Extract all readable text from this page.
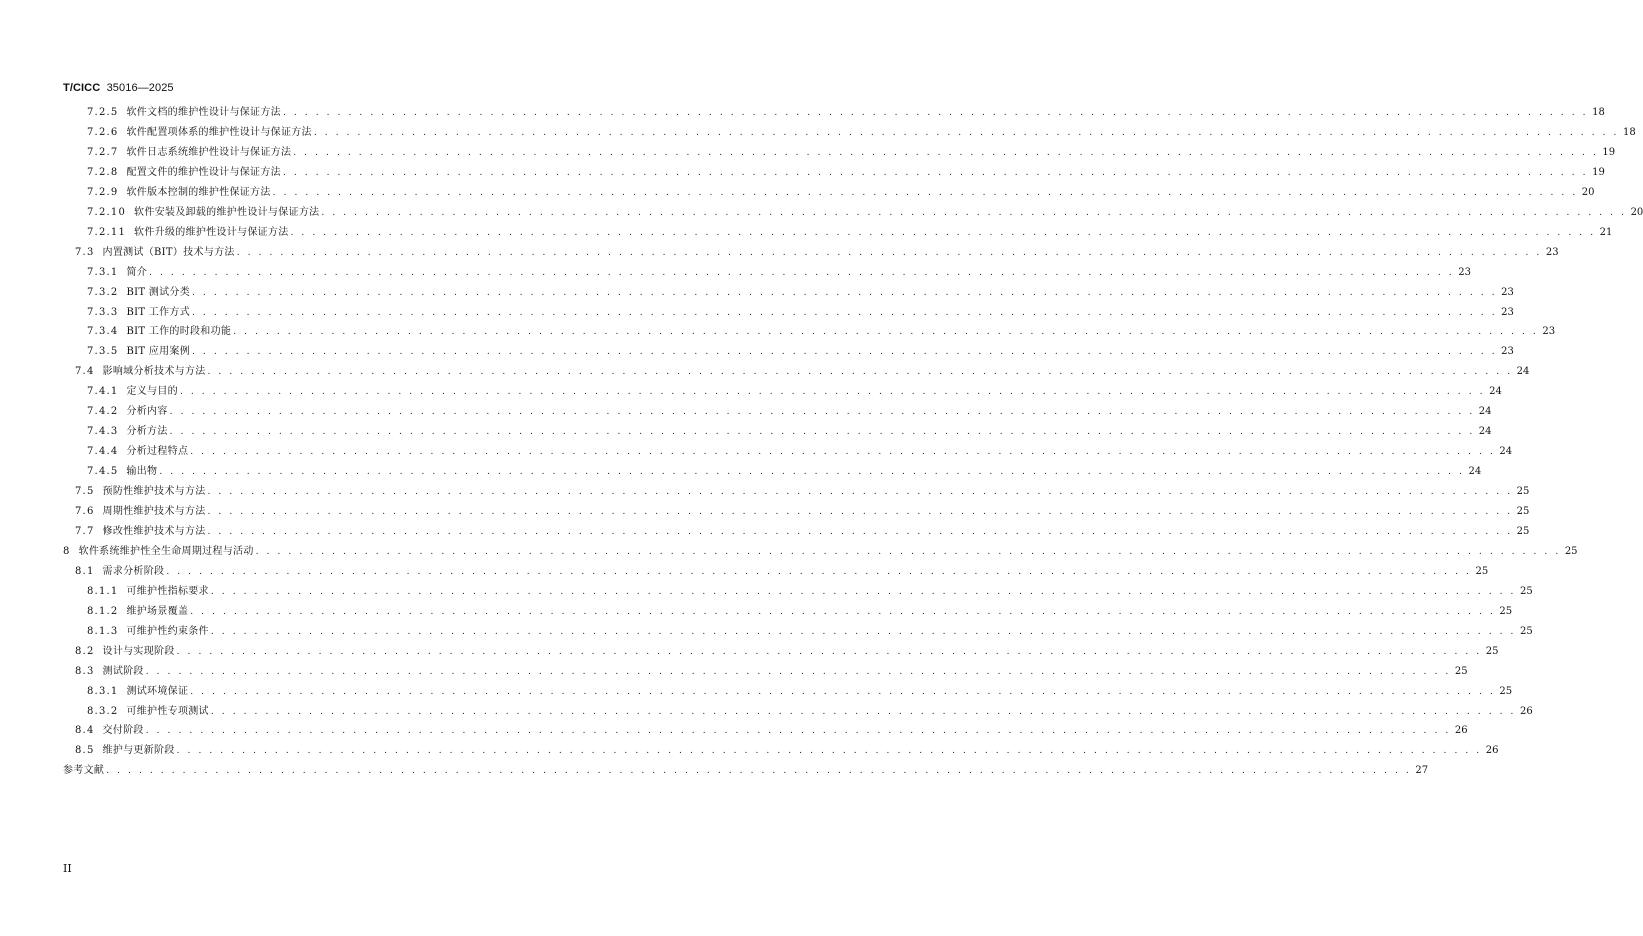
T/CICC 35016—2025
7.2.5 软件文档的维护性设计与保证方法 . . . . . . . . . . . . . . . . . . . . . . . . . . . . . . . . . . . . . . . . . . . . . . . . . . . . . . . . . . . . . . . . . . . . . . . . . . . . . . . . . . . . . . . . . . . . . . . . . . . . . . . . . . . . . . . . . . . . . . . . 18
7.2.6 软件配置项体系的维护性设计与保证方法 . . . . . . . . . . . . . . . . . . . . . . . . . . . . . . . . . . . . . . . . . . . . . . . . . . . . . . . . . . . . . . . . . . . . . . . . . . . . . . . . . . . . . . . . . . . . . . . . . . . . . . . . . . . . . . . . . . . . . . . . 18
7.2.7 软件日志系统维护性设计与保证方法 . . . . . . . . . . . . . . . . . . . . . . . . . . . . . . . . . . . . . . . . . . . . . . . . . . . . . . . . . . . . . . . . . . . . . . . . . . . . . . . . . . . . . . . . . . . . . . . . . . . . . . . . . . . . . . . . . . . . . . . . 19
7.2.8 配置文件的维护性设计与保证方法 . . . . . . . . . . . . . . . . . . . . . . . . . . . . . . . . . . . . . . . . . . . . . . . . . . . . . . . . . . . . . . . . . . . . . . . . . . . . . . . . . . . . . . . . . . . . . . . . . . . . . . . . . . . . . . . . . . . . . . . . 19
7.2.9 软件版本控制的维护性保证方法 . . . . . . . . . . . . . . . . . . . . . . . . . . . . . . . . . . . . . . . . . . . . . . . . . . . . . . . . . . . . . . . . . . . . . . . . . . . . . . . . . . . . . . . . . . . . . . . . . . . . . . . . . . . . . . . . . . . . . . . . 20
7.2.10 软件安装及卸载的维护性设计与保证方法 . . . . . . . . . . . . . . . . . . . . . . . . . . . . . . . . . . . . . . . . . . . . . . . . . . . . . . . . . . . . . . . . . . . . . . . . . . . . . . . . . . . . . . . . . . . . . . . . . . . . . . . . . . . . . . . . . . . . . . . . 20
7.2.11 软件升级的维护性设计与保证方法 . . . . . . . . . . . . . . . . . . . . . . . . . . . . . . . . . . . . . . . . . . . . . . . . . . . . . . . . . . . . . . . . . . . . . . . . . . . . . . . . . . . . . . . . . . . . . . . . . . . . . . . . . . . . . . . . . . . . . . . . 21
7.3 内置测试（BIT）技术与方法 . . . . . . . . . . . . . . . . . . . . . . . . . . . . . . . . . . . . . . . . . . . . . . . . . . . . . . . . . . . . . . . . . . . . . . . . . . . . . . . . . . . . . . . . . . . . . . . . . . . . . . . . . . . . . . . . . . . . . . . . 23
7.3.1 简介 . . . . . . . . . . . . . . . . . . . . . . . . . . . . . . . . . . . . . . . . . . . . . . . . . . . . . . . . . . . . . . . . . . . . . . . . . . . . . . . . . . . . . . . . . . . . . . . . . . . . . . . . . . . . . . . . . . . . . . . . 23
7.3.2 BIT 测试分类 . . . . . . . . . . . . . . . . . . . . . . . . . . . . . . . . . . . . . . . . . . . . . . . . . . . . . . . . . . . . . . . . . . . . . . . . . . . . . . . . . . . . . . . . . . . . . . . . . . . . . . . . . . . . . . . . . . . . . . . . 23
7.3.3 BIT 工作方式 . . . . . . . . . . . . . . . . . . . . . . . . . . . . . . . . . . . . . . . . . . . . . . . . . . . . . . . . . . . . . . . . . . . . . . . . . . . . . . . . . . . . . . . . . . . . . . . . . . . . . . . . . . . . . . . . . . . . . . . . 23
7.3.4 BIT 工作的时段和功能 . . . . . . . . . . . . . . . . . . . . . . . . . . . . . . . . . . . . . . . . . . . . . . . . . . . . . . . . . . . . . . . . . . . . . . . . . . . . . . . . . . . . . . . . . . . . . . . . . . . . . . . . . . . . . . . . . . . . . . . . 23
7.3.5 BIT 应用案例 . . . . . . . . . . . . . . . . . . . . . . . . . . . . . . . . . . . . . . . . . . . . . . . . . . . . . . . . . . . . . . . . . . . . . . . . . . . . . . . . . . . . . . . . . . . . . . . . . . . . . . . . . . . . . . . . . . . . . . . . 23
7.4 影响域分析技术与方法 . . . . . . . . . . . . . . . . . . . . . . . . . . . . . . . . . . . . . . . . . . . . . . . . . . . . . . . . . . . . . . . . . . . . . . . . . . . . . . . . . . . . . . . . . . . . . . . . . . . . . . . . . . . . . . . . . . . . . . . . 24
7.4.1 定义与目的 . . . . . . . . . . . . . . . . . . . . . . . . . . . . . . . . . . . . . . . . . . . . . . . . . . . . . . . . . . . . . . . . . . . . . . . . . . . . . . . . . . . . . . . . . . . . . . . . . . . . . . . . . . . . . . . . . . . . . . . . 24
7.4.2 分析内容 . . . . . . . . . . . . . . . . . . . . . . . . . . . . . . . . . . . . . . . . . . . . . . . . . . . . . . . . . . . . . . . . . . . . . . . . . . . . . . . . . . . . . . . . . . . . . . . . . . . . . . . . . . . . . . . . . . . . . . . . 24
7.4.3 分析方法 . . . . . . . . . . . . . . . . . . . . . . . . . . . . . . . . . . . . . . . . . . . . . . . . . . . . . . . . . . . . . . . . . . . . . . . . . . . . . . . . . . . . . . . . . . . . . . . . . . . . . . . . . . . . . . . . . . . . . . . . 24
7.4.4 分析过程特点 . . . . . . . . . . . . . . . . . . . . . . . . . . . . . . . . . . . . . . . . . . . . . . . . . . . . . . . . . . . . . . . . . . . . . . . . . . . . . . . . . . . . . . . . . . . . . . . . . . . . . . . . . . . . . . . . . . . . . . . . 24
7.4.5 输出物 . . . . . . . . . . . . . . . . . . . . . . . . . . . . . . . . . . . . . . . . . . . . . . . . . . . . . . . . . . . . . . . . . . . . . . . . . . . . . . . . . . . . . . . . . . . . . . . . . . . . . . . . . . . . . . . . . . . . . . . . 24
7.5 预防性维护技术与方法 . . . . . . . . . . . . . . . . . . . . . . . . . . . . . . . . . . . . . . . . . . . . . . . . . . . . . . . . . . . . . . . . . . . . . . . . . . . . . . . . . . . . . . . . . . . . . . . . . . . . . . . . . . . . . . . . . . . . . . . . 25
7.6 周期性维护技术与方法 . . . . . . . . . . . . . . . . . . . . . . . . . . . . . . . . . . . . . . . . . . . . . . . . . . . . . . . . . . . . . . . . . . . . . . . . . . . . . . . . . . . . . . . . . . . . . . . . . . . . . . . . . . . . . . . . . . . . . . . . 25
7.7 修改性维护技术与方法 . . . . . . . . . . . . . . . . . . . . . . . . . . . . . . . . . . . . . . . . . . . . . . . . . . . . . . . . . . . . . . . . . . . . . . . . . . . . . . . . . . . . . . . . . . . . . . . . . . . . . . . . . . . . . . . . . . . . . . . . 25
8 软件系统维护性全生命周期过程与活动 . . . . . . . . . . . . . . . . . . . . . . . . . . . . . . . . . . . . . . . . . . . . . . . . . . . . . . . . . . . . . . . . . . . . . . . . . . . . . . . . . . . . . . . . . . . . . . . . . . . . . . . . . . . . . . . . . . . . . . . . 25
8.1 需求分析阶段 . . . . . . . . . . . . . . . . . . . . . . . . . . . . . . . . . . . . . . . . . . . . . . . . . . . . . . . . . . . . . . . . . . . . . . . . . . . . . . . . . . . . . . . . . . . . . . . . . . . . . . . . . . . . . . . . . . . . . . . . 25
8.1.1 可维护性指标要求 . . . . . . . . . . . . . . . . . . . . . . . . . . . . . . . . . . . . . . . . . . . . . . . . . . . . . . . . . . . . . . . . . . . . . . . . . . . . . . . . . . . . . . . . . . . . . . . . . . . . . . . . . . . . . . . . . . . . . . . . 25
8.1.2 维护场景覆盖 . . . . . . . . . . . . . . . . . . . . . . . . . . . . . . . . . . . . . . . . . . . . . . . . . . . . . . . . . . . . . . . . . . . . . . . . . . . . . . . . . . . . . . . . . . . . . . . . . . . . . . . . . . . . . . . . . . . . . . . . 25
8.1.3 可维护性约束条件 . . . . . . . . . . . . . . . . . . . . . . . . . . . . . . . . . . . . . . . . . . . . . . . . . . . . . . . . . . . . . . . . . . . . . . . . . . . . . . . . . . . . . . . . . . . . . . . . . . . . . . . . . . . . . . . . . . . . . . . . 25
8.2 设计与实现阶段 . . . . . . . . . . . . . . . . . . . . . . . . . . . . . . . . . . . . . . . . . . . . . . . . . . . . . . . . . . . . . . . . . . . . . . . . . . . . . . . . . . . . . . . . . . . . . . . . . . . . . . . . . . . . . . . . . . . . . . . . 25
8.3 测试阶段 . . . . . . . . . . . . . . . . . . . . . . . . . . . . . . . . . . . . . . . . . . . . . . . . . . . . . . . . . . . . . . . . . . . . . . . . . . . . . . . . . . . . . . . . . . . . . . . . . . . . . . . . . . . . . . . . . . . . . . . . 25
8.3.1 测试环境保证 . . . . . . . . . . . . . . . . . . . . . . . . . . . . . . . . . . . . . . . . . . . . . . . . . . . . . . . . . . . . . . . . . . . . . . . . . . . . . . . . . . . . . . . . . . . . . . . . . . . . . . . . . . . . . . . . . . . . . . . . 25
8.3.2 可维护性专项测试 . . . . . . . . . . . . . . . . . . . . . . . . . . . . . . . . . . . . . . . . . . . . . . . . . . . . . . . . . . . . . . . . . . . . . . . . . . . . . . . . . . . . . . . . . . . . . . . . . . . . . . . . . . . . . . . . . . . . . . . . 26
8.4 交付阶段 . . . . . . . . . . . . . . . . . . . . . . . . . . . . . . . . . . . . . . . . . . . . . . . . . . . . . . . . . . . . . . . . . . . . . . . . . . . . . . . . . . . . . . . . . . . . . . . . . . . . . . . . . . . . . . . . . . . . . . . . 26
8.5 维护与更新阶段 . . . . . . . . . . . . . . . . . . . . . . . . . . . . . . . . . . . . . . . . . . . . . . . . . . . . . . . . . . . . . . . . . . . . . . . . . . . . . . . . . . . . . . . . . . . . . . . . . . . . . . . . . . . . . . . . . . . . . . . . 26
参考文献 . . . . . . . . . . . . . . . . . . . . . . . . . . . . . . . . . . . . . . . . . . . . . . . . . . . . . . . . . . . . . . . . . . . . . . . . . . . . . . . . . . . . . . . . . . . . . . . . . . . . . . . . . . . . . . . . . . . . . . . . 27
II
